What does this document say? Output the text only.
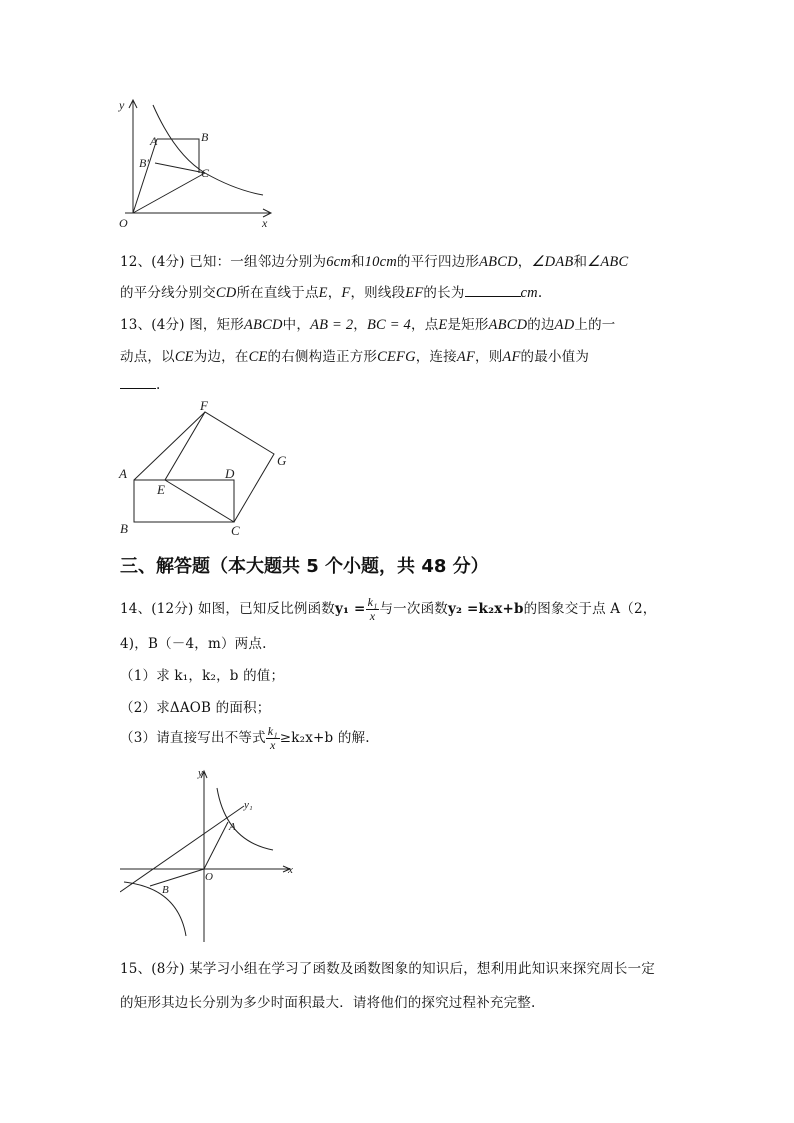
y
x
O
A	B
B′
C
12、(4分) 已知：一组邻边分别为6cm和10cm的平行四边形ABCD，∠DAB和∠ABC
的平分线分别交CD所在直线于点E，F，则线段EF的长为	cm.
13、(4分) 图，矩形ABCD中，AB = 2，BC = 4，点E是矩形ABCD的边AD上的一
动点，以CE为边，在CE的右侧构造正方形CEFG，连接AF，则AF的最小值为
.
A
B	C
D
E
F
G
三、解答题（本大题共 5 个小题，共 48 分）
14、(12分) 如图，已知反比例函数$y_1 = \frac{\text{k₁}}{x}$ 与一次函数y₂ =k₂x+b的图象交于点 A（2，
4)，B（－4，m）两点.
（1）求 k₁，k₂，b 的值；
（2）求ΔAOB 的面积；
（3）请直接写出不等式 $\frac{\text{k₁}}{x} \ge k_2x+b$ 的解.
y
x
O
A
B
y₁
15、(8分) 某学习小组在学习了函数及函数图象的知识后，想利用此知识来探究周长一定
的矩形其边长分别为多少时面积最大．请将他们的探究过程补充完整.
